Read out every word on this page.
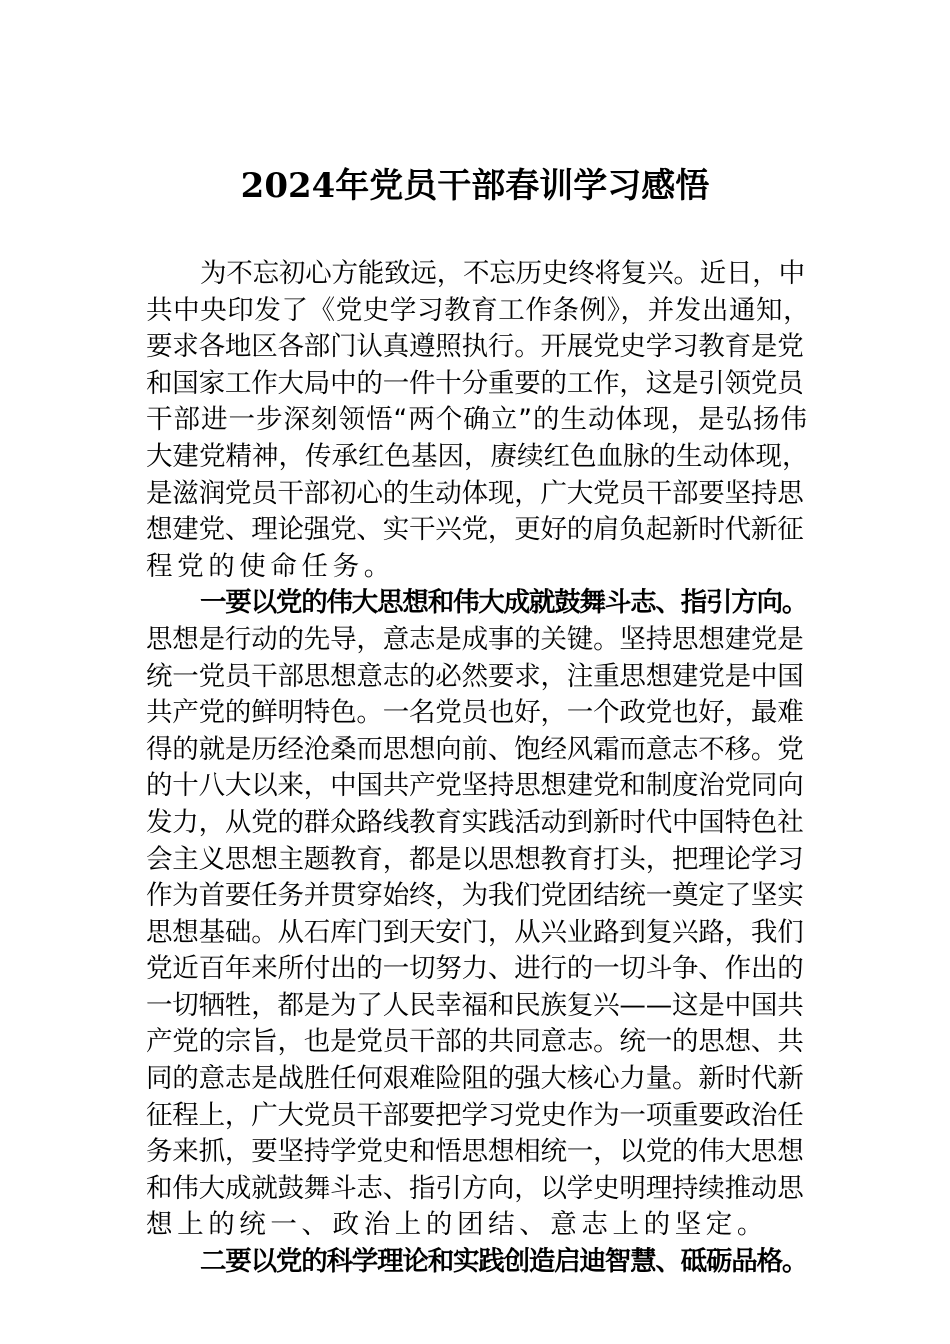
2024年党员干部春训学习感悟
为不忘初心方能致远，不忘历史终将复兴。近日，中
共中央印发了《党史学习教育工作条例》，并发出通知，
要求各地区各部门认真遵照执行。开展党史学习教育是党
和国家工作大局中的一件十分重要的工作，这是引领党员
干部进一步深刻领悟“两个确立”的生动体现，是弘扬伟
大建党精神，传承红色基因，赓续红色血脉的生动体现，
是滋润党员干部初心的生动体现，广大党员干部要坚持思
想建党、理论强党、实干兴党，更好的肩负起新时代新征
程党的使命任务。
一要以党的伟大思想和伟大成就鼓舞斗志、指引方向。
思想是行动的先导，意志是成事的关键。坚持思想建党是
统一党员干部思想意志的必然要求，注重思想建党是中国
共产党的鲜明特色。一名党员也好，一个政党也好，最难
得的就是历经沧桑而思想向前、饱经风霜而意志不移。党
的十八大以来，中国共产党坚持思想建党和制度治党同向
发力，从党的群众路线教育实践活动到新时代中国特色社
会主义思想主题教育，都是以思想教育打头，把理论学习
作为首要任务并贯穿始终，为我们党团结统一奠定了坚实
思想基础。从石库门到天安门，从兴业路到复兴路，我们
党近百年来所付出的一切努力、进行的一切斗争、作出的
一切牺牲，都是为了人民幸福和民族复兴——这是中国共
产党的宗旨，也是党员干部的共同意志。统一的思想、共
同的意志是战胜任何艰难险阻的强大核心力量。新时代新
征程上，广大党员干部要把学习党史作为一项重要政治任
务来抓，要坚持学党史和悟思想相统一，以党的伟大思想
和伟大成就鼓舞斗志、指引方向，以学史明理持续推动思
想上的统一、政治上的团结、意志上的坚定。
二要以党的科学理论和实践创造启迪智慧、砥砺品格。
